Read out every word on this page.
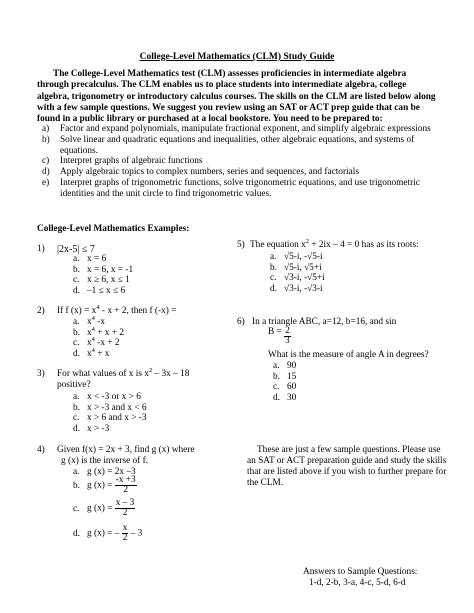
College-Level Mathematics (CLM) Study Guide

The College-Level Mathematics test (CLM) assesses proficiencies in intermediate algebra through precalculus. The CLM enables us to place students into intermediate algebra, college algebra, trigonometry or introductory calculus courses. The skills on the CLM are listed below along with a few sample questions. We suggest you review using an SAT or ACT prep guide that can be found in a public library or purchased at a local bookstore. You need to be prepared to:

a) Factor and expand polynomials, manipulate fractional exponent, and simplify algebraic expressions
b) Solve linear and quadratic equations and inequalities, other algebraic equations, and systems of equations.
c) Interpret graphs of algebraic functions
d) Apply algebraic topics to complex numbers, series and sequences, and factorials
e) Interpret graphs of trigonometric functions, solve trigonometric equations, and use trigonometric identities and the unit circle to find trigonometric values.
College-Level Mathematics Examples:
1) |2x-5| ≤ 7
a. x = 6
b. x = 6, x = -1
c. x ≥ 6, x ≤ 1
d. –1 ≤ x ≤ 6
5) The equation $x^2 + 2ix - 4 = 0$ has as its roots:
a. √5-i, -√5-i
b. √5-i, √5+i
c. √3-i, -√5+i
d. √3-i, -√3-i
2) If f $(x) = x^4 - x + 2$, then f (-x) =
a. $x^4$ -x
b. $x^4 + x + 2$
c. $x^4$ -x + 2
d. $x^4 + x$
6) In a triangle ABC, a=12, b=16, and sin
$B = \frac{2}{3}$
What is the measure of angle A in degrees?
a. 90
b. 15
c. 60
d. 30
3) For what values of x is $x^2 - 3x - 18$
positive?
a. x < -3 or x > 6
b. x > -3 and x < 6
c. x > 6 and x > -3
d. x > -3
4) Given f(x) = 2x + 3, find g (x) where
g (x) is the inverse of f.
a. g (x) = 2x –3
b. g $(x) = \frac{-x +3}{2}$
c. g $(x) = \frac{x - 3}{2}$
d. g (x) = – $\frac{x}{2} - 3$
These are just a few sample questions. Please use an SAT or ACT preparation guide and study the skills that are listed above if you wish to further prepare for the CLM.
Answers to Sample Questions:
1-d, 2-b, 3-a, 4-c, 5-d, 6-d
